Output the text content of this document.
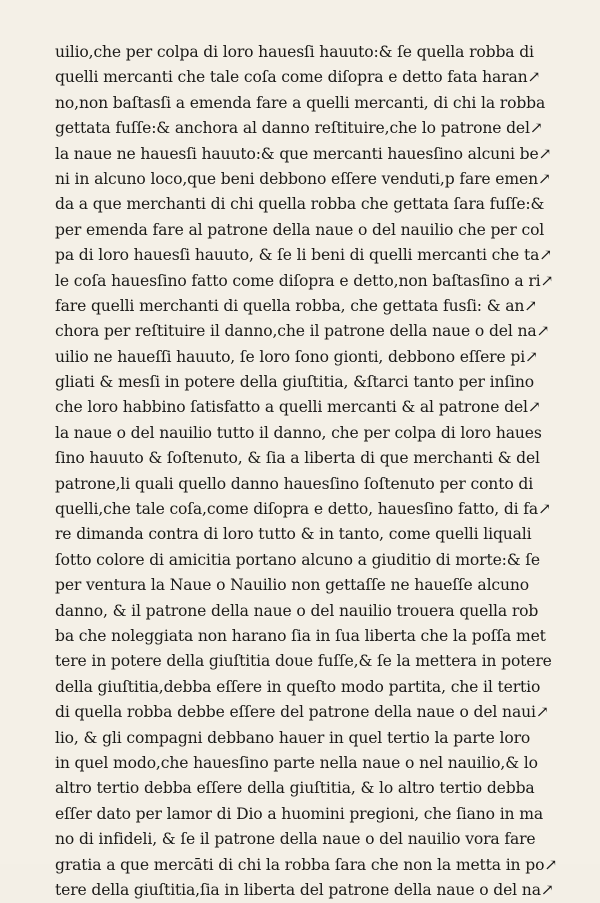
uilio,che per colpa di loro hauesſi hauuto:& ſe quella robba di
quelli mercanti che tale coſa come diſopra e detto fata haran↗
no,non baſtasſi a emenda fare a quelli mercanti, di chi la robba
gettata fuſſe:& anchora al danno reſtituire,che lo patrone del↗
la naue ne hauesſi hauuto:& que mercanti hauesſino alcuni be↗
ni in alcuno loco,que beni debbono eſſere venduti,p fare emen↗
da a que merchanti di chi quella robba che gettata ſara fuſſe:&
per emenda fare al patrone della naue o del nauilio che per col
pa di loro hauesſi hauuto, & ſe li beni di quelli mercanti che ta↗
le coſa hauesſino fatto come diſopra e detto,non baſtasſino a ri↗
fare quelli merchanti di quella robba, che gettata fusſi: & an↗
chora per reſtituire il danno,che il patrone della naue o del na↗
uilio ne haueſſi hauuto, ſe loro ſono gionti, debbono eſſere pi↗
gliati & mesſi in potere della giuſtitia, &ſtarci tanto per inſino
che loro habbino ſatisfatto a quelli mercanti & al patrone del↗
la naue o del nauilio tutto il danno, che per colpa di loro haues
ſino hauuto & ſoſtenuto, & ſia a liberta di que merchanti & del
patrone,li quali quello danno hauesſino ſoſtenuto per conto di
quelli,che tale coſa,come diſopra e detto, hauesſino fatto, di fa↗
re dimanda contra di loro tutto & in tanto, come quelli liquali
ſotto colore di amicitia portano alcuno a giuditio di morte:& ſe
per ventura la Naue o Nauilio non gettaſſe ne haueſſe alcuno
danno, & il patrone della naue o del nauilio trouera quella rob
ba che noleggiata non harano ſia in ſua liberta che la poſſa met
tere in potere della giuſtitia doue fuſſe,& ſe la mettera in potere
della giuſtitia,debba eſſere in queſto modo partita, che il tertio
di quella robba debbe eſſere del patrone della naue o del naui↗
lio, & gli compagni debbano hauer in quel tertio la parte loro
in quel modo,che hauesſino parte nella naue o nel nauilio,& lo
altro tertio debba eſſere della giuſtitia, & lo altro tertio debba
eſſer dato per lamor di Dio a huomini pregioni, che ſiano in ma
no di infideli, & ſe il patrone della naue o del nauilio vora fare
gratia a que mercāti di chi la robba ſara che non la metta in po↗
tere della giuſtitia,ſia in liberta del patrone della naue o del na↗
